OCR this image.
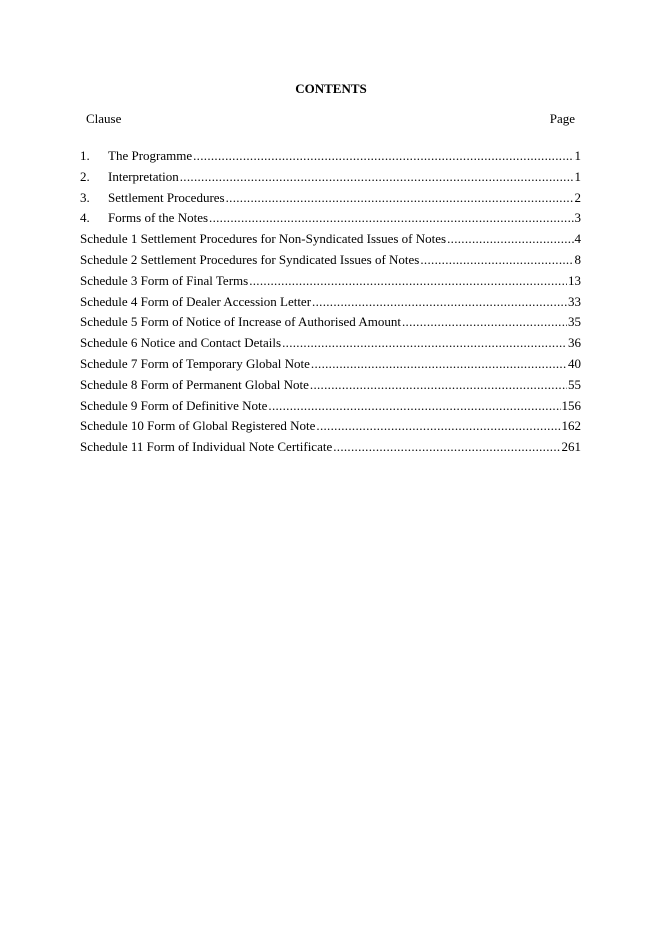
CONTENTS
Clause	Page
1.	The Programme .....	1
2.	Interpretation .....	1
3.	Settlement Procedures .....	2
4.	Forms of the Notes .....	3
Schedule 1 Settlement Procedures for Non-Syndicated Issues of Notes .....	4
Schedule 2 Settlement Procedures for Syndicated Issues of Notes .....	8
Schedule 3 Form of Final Terms .....	13
Schedule 4 Form of Dealer Accession Letter .....	33
Schedule 5 Form of Notice of Increase of Authorised Amount .....	35
Schedule 6 Notice and Contact Details .....	36
Schedule 7 Form of Temporary Global Note .....	40
Schedule 8 Form of Permanent Global Note .....	55
Schedule 9 Form of Definitive Note .....	156
Schedule 10 Form of Global Registered Note .....	162
Schedule 11 Form of Individual Note Certificate .....	261
